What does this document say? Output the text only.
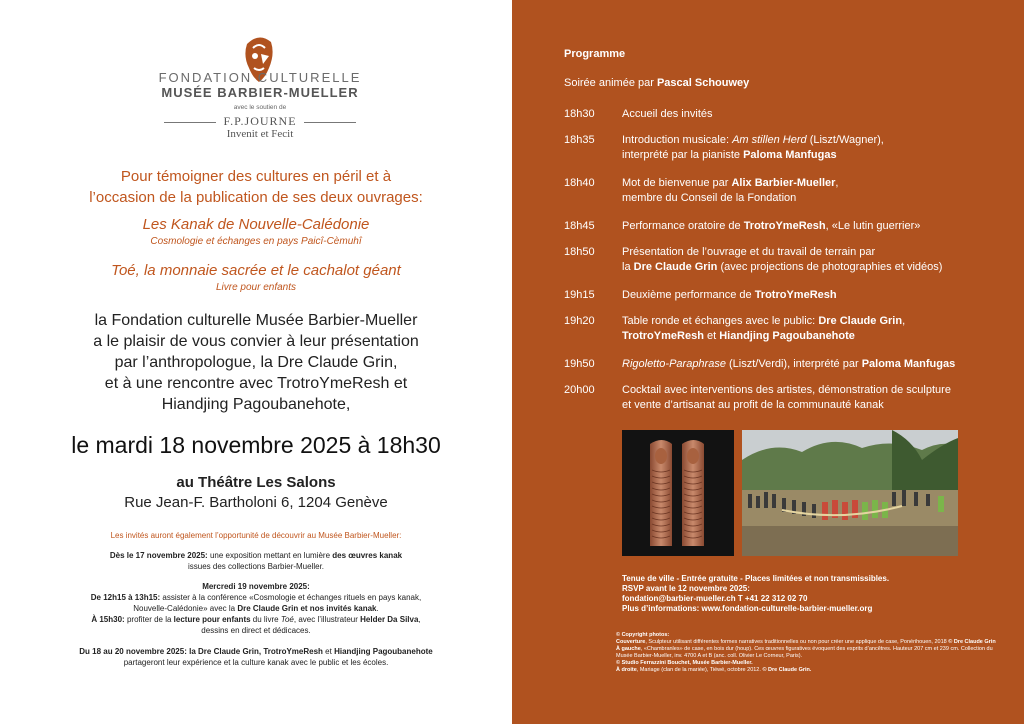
FONDATION CULTURELLE
MUSÉE BARBIER-MUELLER
avec le soutien de
F.P.JOURNE
Invenit et Fecit
Pour témoigner des cultures en péril et à
l’occasion de la publication de ses deux ouvrages:
Les Kanak de Nouvelle-Calédonie
Cosmologie et échanges en pays Paicî-Cèmuhî
Toé, la monnaie sacrée et le cachalot géant
Livre pour enfants
la Fondation culturelle Musée Barbier-Mueller
a le plaisir de vous convier à leur présentation
par l’anthropologue, la Dre Claude Grin,
et à une rencontre avec TrotroYmeResh et
Hiandjing Pagoubanehote,
le mardi 18 novembre 2025 à 18h30
au Théâtre Les Salons
Rue Jean-F. Bartholoni 6, 1204 Genève
Les invités auront également l’opportunité de découvrir au Musée Barbier-Mueller:
Dès le 17 novembre 2025: une exposition mettant en lumière des œuvres kanak
issues des collections Barbier-Mueller.
Mercredi 19 novembre 2025:
De 12h15 à 13h15: assister à la conférence «Cosmologie et échanges rituels en pays kanak,
Nouvelle-Calédonie» avec la Dre Claude Grin et nos invités kanak.
À 15h30: profiter de la lecture pour enfants du livre Toé, avec l’illustrateur Helder Da Silva,
dessins en direct et dédicaces.
Du 18 au 20 novembre 2025: la Dre Claude Grin, TrotroYmeResh et Hiandjing Pagoubanehote
partageront leur expérience et la culture kanak avec le public et les écoles.
Programme
Soirée animée par Pascal Schouwey
18h30	Accueil des invités
18h35	Introduction musicale: Am stillen Herd (Liszt/Wagner),
interprété par la pianiste Paloma Manfugas
18h40	Mot de bienvenue par Alix Barbier-Mueller,
membre du Conseil de la Fondation
18h45	Performance oratoire de TrotroYmeResh, «Le lutin guerrier»
18h50	Présentation de l’ouvrage et du travail de terrain par
la Dre Claude Grin (avec projections de photographies et vidéos)
19h15	Deuxième performance de TrotroYmeResh
19h20	Table ronde et échanges avec le public: Dre Claude Grin,
TrotroYmeResh et Hiandjing Pagoubanehote
19h50	Rigoletto-Paraphrase (Liszt/Verdi), interprété par Paloma Manfugas
20h00	Cocktail avec interventions des artistes, démonstration de sculpture
et vente d’artisanat au profit de la communauté kanak
Tenue de ville - Entrée gratuite - Places limitées et non transmissibles.
RSVP avant le 12 novembre 2025:
fondation@barbier-mueller.ch T +41 22 312 02 70
Plus d’informations: www.fondation-culturelle-barbier-mueller.org
© Copyright photos:
Couverture, Sculpteur utilisant différentes formes narratives traditionnelles ou non pour créer une applique de case, Ponérihouen, 2018 © Dre Claude Grin
À gauche, «Chambranles» de case, en bois dur (houp). Ces œuvres figuratives évoquent des esprits d’ancêtres. Hauteur 207 cm et 239 cm. Collection du Musée Barbier-Mueller, inv. 4700 A et B (anc. coll. Olivier Le Corneur, Paris).
© Studio Ferrazzini Bouchet, Musée Barbier-Mueller.
À droite, Mariage (clan de la mariée), Tiéwé, octobre 2012. © Dre Claude Grin.
